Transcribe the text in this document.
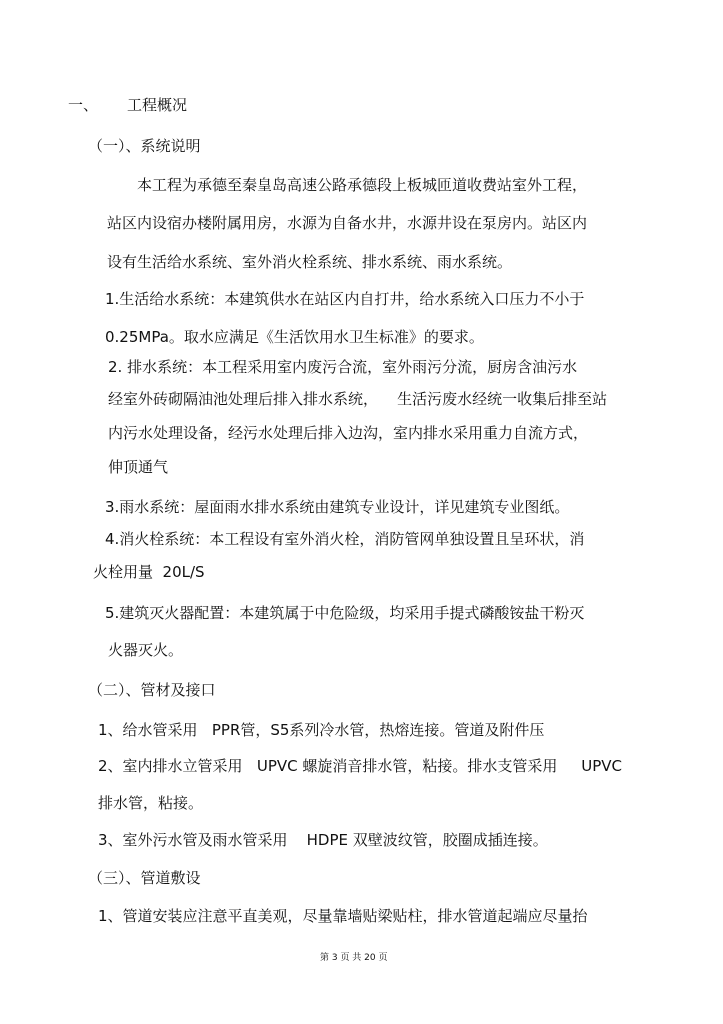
一、 工程概况
（一）、系统说明
本工程为承德至秦皇岛高速公路承德段上板城匝道收费站室外工程，
站区内设宿办楼附属用房，水源为自备水井，水源井设在泵房内。站区内
设有生活给水系统、室外消火栓系统、排水系统、雨水系统。
1.生活给水系统：本建筑供水在站区内自打井，给水系统入口压力不小于
0.25MPa。取水应满足《生活饮用水卫生标准》的要求。
2. 排水系统：本工程采用室内废污合流，室外雨污分流，厨房含油污水
经室外砖砌隔油池处理后排入排水系统，    生活污废水经统一收集后排至站
内污水处理设备，经污水处理后排入边沟，室内排水采用重力自流方式，
伸顶通气
3.雨水系统：屋面雨水排水系统由建筑专业设计，详见建筑专业图纸。
4.消火栓系统：本工程设有室外消火栓，消防管网单独设置且呈环状，消
火栓用量  20L/S
5.建筑灭火器配置：本建筑属于中危险级，均采用手提式磷酸铵盐干粉灭
火器灭火。
（二）、管材及接口
1、给水管采用   PPR管，S5系列冷水管，热熔连接。管道及附件压
2、室内排水立管采用   UPVC 螺旋消音排水管，粘接。排水支管采用     UPVC
排水管，粘接。
3、室外污水管及雨水管采用    HDPE 双壁波纹管，胶圈成插连接。
（三）、管道敷设
1、管道安装应注意平直美观，尽量靠墙贴梁贴柱，排水管道起端应尽量抬
第 3 页 共 20 页
